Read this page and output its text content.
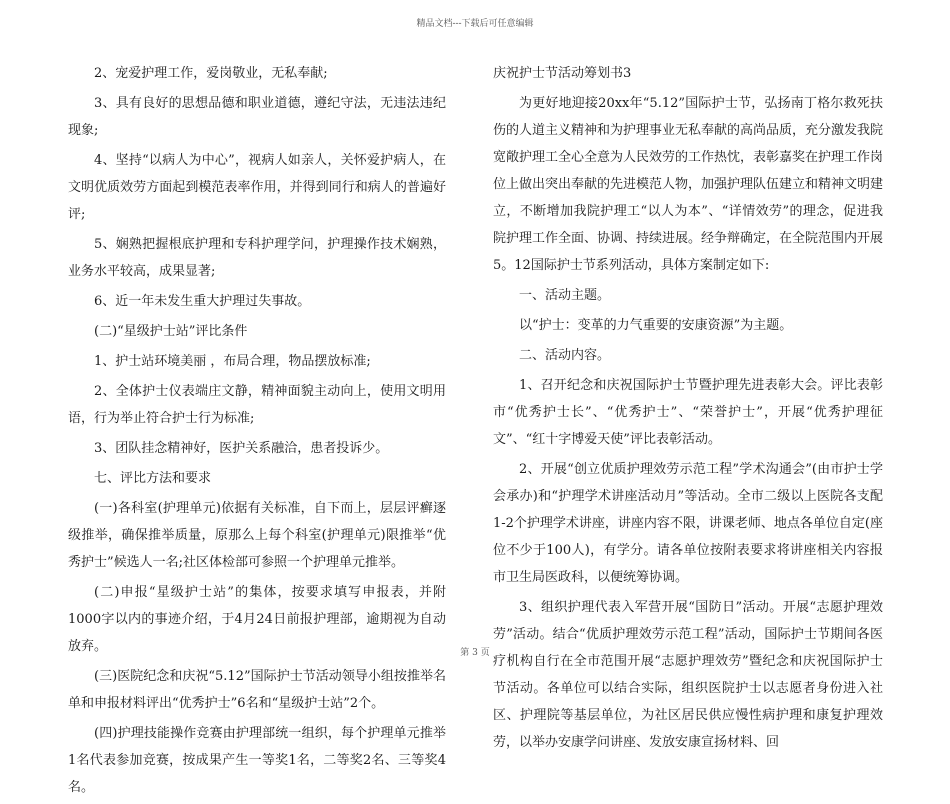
精品文档---下载后可任意编辑

2、宠爱护理工作，爱岗敬业，无私奉献;

3、具有良好的思想品德和职业道德，遵纪守法，无违法违纪现象;

4、坚持“以病人为中心”，视病人如亲人，关怀爱护病人，在文明优质效劳方面起到模范表率作用，并得到同行和病人的普遍好评;

5、娴熟把握根底护理和专科护理学问，护理操作技术娴熟，业务水平较高，成果显著;

6、近一年未发生重大护理过失事故。

(二)“星级护士站”评比条件

1、护士站环境美丽 ，布局合理，物品摆放标准;

2、全体护士仪表端庄文静，精神面貌主动向上，使用文明用语，行为举止符合护士行为标准;

3、团队挂念精神好，医护关系融洽，患者投诉少。

七、评比方法和要求

(一)各科室(护理单元)依据有关标准，自下而上，层层评癣逐级推举，确保推举质量，原那么上每个科室(护理单元)限推举“优秀护士”候选人一名;社区体检部可参照一个护理单元推举。

(二)申报“星级护士站”的集体，按要求填写申报表，并附1000字以内的事迹介绍，于4月24日前报护理部，逾期视为自动放弃。

(三)医院纪念和庆祝“5.12”国际护士节活动领导小组按推举名单和申报材料评出“优秀护士”6名和“星级护士站”2个。

(四)护理技能操作竞赛由护理部统一组织，每个护理单元推举1名代表参加竞赛，按成果产生一等奖1名，二等奖2名、三等奖4名。

庆祝护士节活动筹划书3

为更好地迎接20xx年“5.12”国际护士节，弘扬南丁格尔救死扶伤的人道主义精神和为护理事业无私奉献的高尚品质，充分激发我院宽敞护理工全心全意为人民效劳的工作热忱，表彰嘉奖在护理工作岗位上做出突出奉献的先进模范人物，加强护理队伍建立和精神文明建立，不断增加我院护理工“以人为本”、“详情效劳”的理念，促进我院护理工作全面、协调、持续进展。经争辩确定，在全院范围内开展5。12国际护士节系列活动，具体方案制定如下:

一、活动主题。

以“护士：变革的力气重要的安康资源”为主题。

二、活动内容。

1、召开纪念和庆祝国际护士节暨护理先进表彰大会。评比表彰市“优秀护士长”、“优秀护士”、“荣誉护士”，开展“优秀护理征文”、“红十字博爱天使”评比表彰活动。

2、开展“创立优质护理效劳示范工程”学术沟通会”(由市护士学会承办)和“护理学术讲座活动月”等活动。全市二级以上医院各支配1-2个护理学术讲座，讲座内容不限，讲课老师、地点各单位自定(座位不少于100人)，有学分。请各单位按附表要求将讲座相关内容报市卫生局医政科，以便统筹协调。

3、组织护理代表入军营开展“国防日”活动。开展“志愿护理效劳”活动。结合“优质护理效劳示范工程”活动，国际护士节期间各医疗机构自行在全市范围开展“志愿护理效劳”暨纪念和庆祝国际护士节活动。各单位可以结合实际，组织医院护士以志愿者身份进入社区、护理院等基层单位，为社区居民供应慢性病护理和康复护理效劳，以举办安康学问讲座、发放安康宣扬材料、回

第 3 页
